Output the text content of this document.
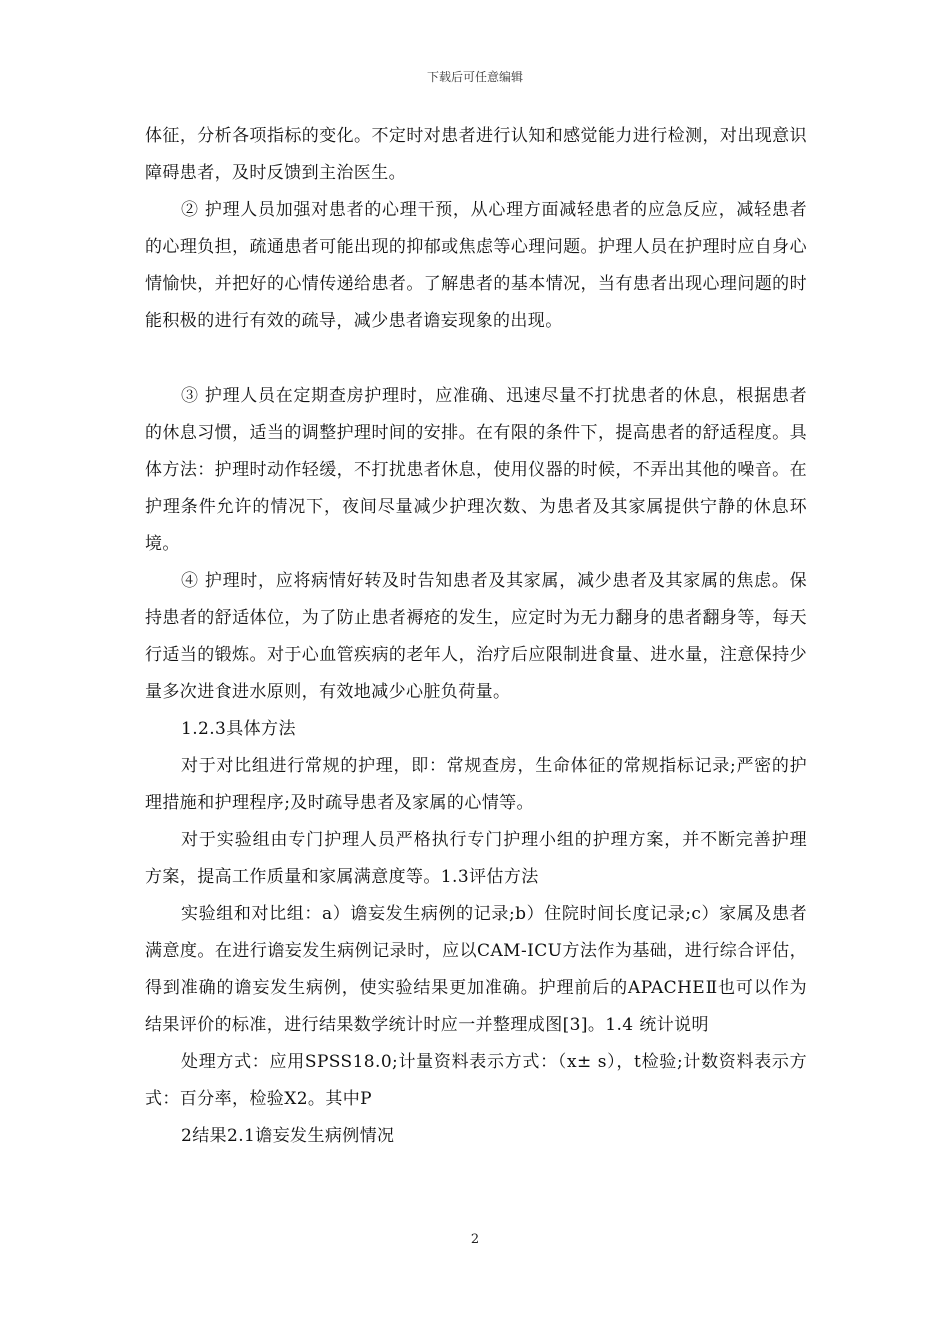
下载后可任意编辑

体征，分析各项指标的变化。不定时对患者进行认知和感觉能力进行检测，对出现意识障碍患者，及时反馈到主治医生。

② 护理人员加强对患者的心理干预，从心理方面减轻患者的应急反应，减轻患者的心理负担，疏通患者可能出现的抑郁或焦虑等心理问题。护理人员在护理时应自身心情愉快，并把好的心情传递给患者。了解患者的基本情况，当有患者出现心理问题的时能积极的进行有效的疏导，减少患者谵妄现象的出现。

③ 护理人员在定期查房护理时，应准确、迅速尽量不打扰患者的休息，根据患者的休息习惯，适当的调整护理时间的安排。在有限的条件下，提高患者的舒适程度。具体方法：护理时动作轻缓，不打扰患者休息，使用仪器的时候，不弄出其他的噪音。在护理条件允许的情况下，夜间尽量减少护理次数、为患者及其家属提供宁静的休息环境。

④ 护理时，应将病情好转及时告知患者及其家属，减少患者及其家属的焦虑。保持患者的舒适体位，为了防止患者褥疮的发生，应定时为无力翻身的患者翻身等，每天行适当的锻炼。对于心血管疾病的老年人，治疗后应限制进食量、进水量，注意保持少量多次进食进水原则，有效地减少心脏负荷量。

1.2.3具体方法

对于对比组进行常规的护理，即：常规查房，生命体征的常规指标记录;严密的护理措施和护理程序;及时疏导患者及家属的心情等。

对于实验组由专门护理人员严格执行专门护理小组的护理方案，并不断完善护理方案，提高工作质量和家属满意度等。1.3评估方法

实验组和对比组：a）谵妄发生病例的记录;b）住院时间长度记录;c）家属及患者满意度。在进行谵妄发生病例记录时，应以CAM-ICU方法作为基础，进行综合评估，得到准确的谵妄发生病例，使实验结果更加准确。护理前后的APACHEⅡ也可以作为结果评价的标准，进行结果数学统计时应一并整理成图[3]。1.4 统计说明

处理方式：应用SPSS18.0;计量资料表示方式：（x± s），t检验;计数资料表示方式：百分率，检验X2。其中P

2结果2.1谵妄发生病例情况

2
